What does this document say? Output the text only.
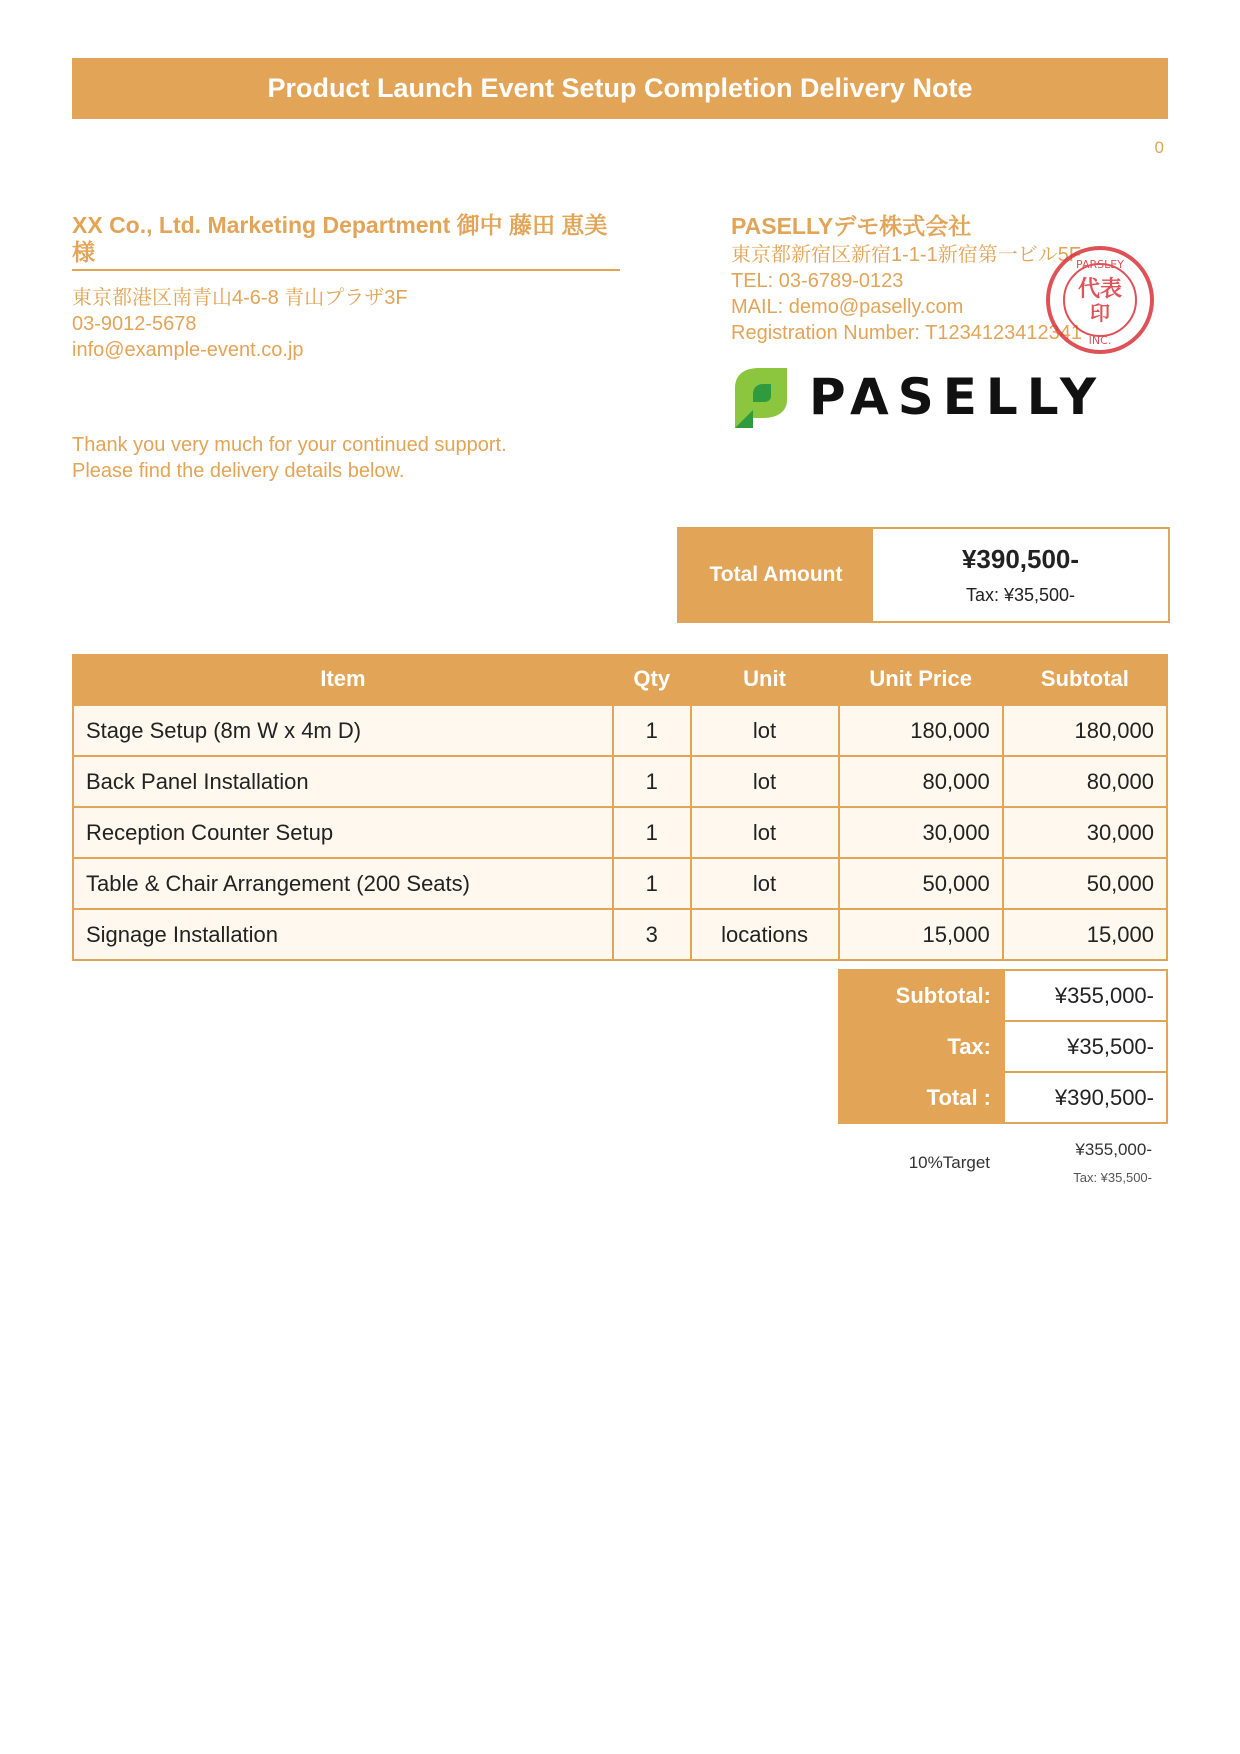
Product Launch Event Setup Completion Delivery Note
0
XX Co., Ltd. Marketing Department 御中 藤田 恵美 様
東京都港区南青山4-6-8 青山プラザ3F
03-9012-5678
info@example-event.co.jp
Thank you very much for your continued support.
Please find the delivery details below.
PASELLYデモ株式会社
東京都新宿区新宿1-1-1新宿第一ビル5F
TEL: 03-6789-0123
MAIL: demo@paselly.com
Registration Number: T1234123412341
代表
印
PARSLEY
INC.
PASELLY
Total Amount
¥390,500-
Tax: ¥35,500-
Item	Qty	Unit	Unit Price	Subtotal
Stage Setup (8m W x 4m D)	1	lot	180,000	180,000
Back Panel Installation	1	lot	80,000	80,000
Reception Counter Setup	1	lot	30,000	30,000
Table & Chair Arrangement (200 Seats)	1	lot	50,000	50,000
Signage Installation	3	locations	15,000	15,000
Subtotal:	¥355,000-
Tax:	¥35,500-
Total :	¥390,500-
10%Target
¥355,000-
Tax: ¥35,500-
